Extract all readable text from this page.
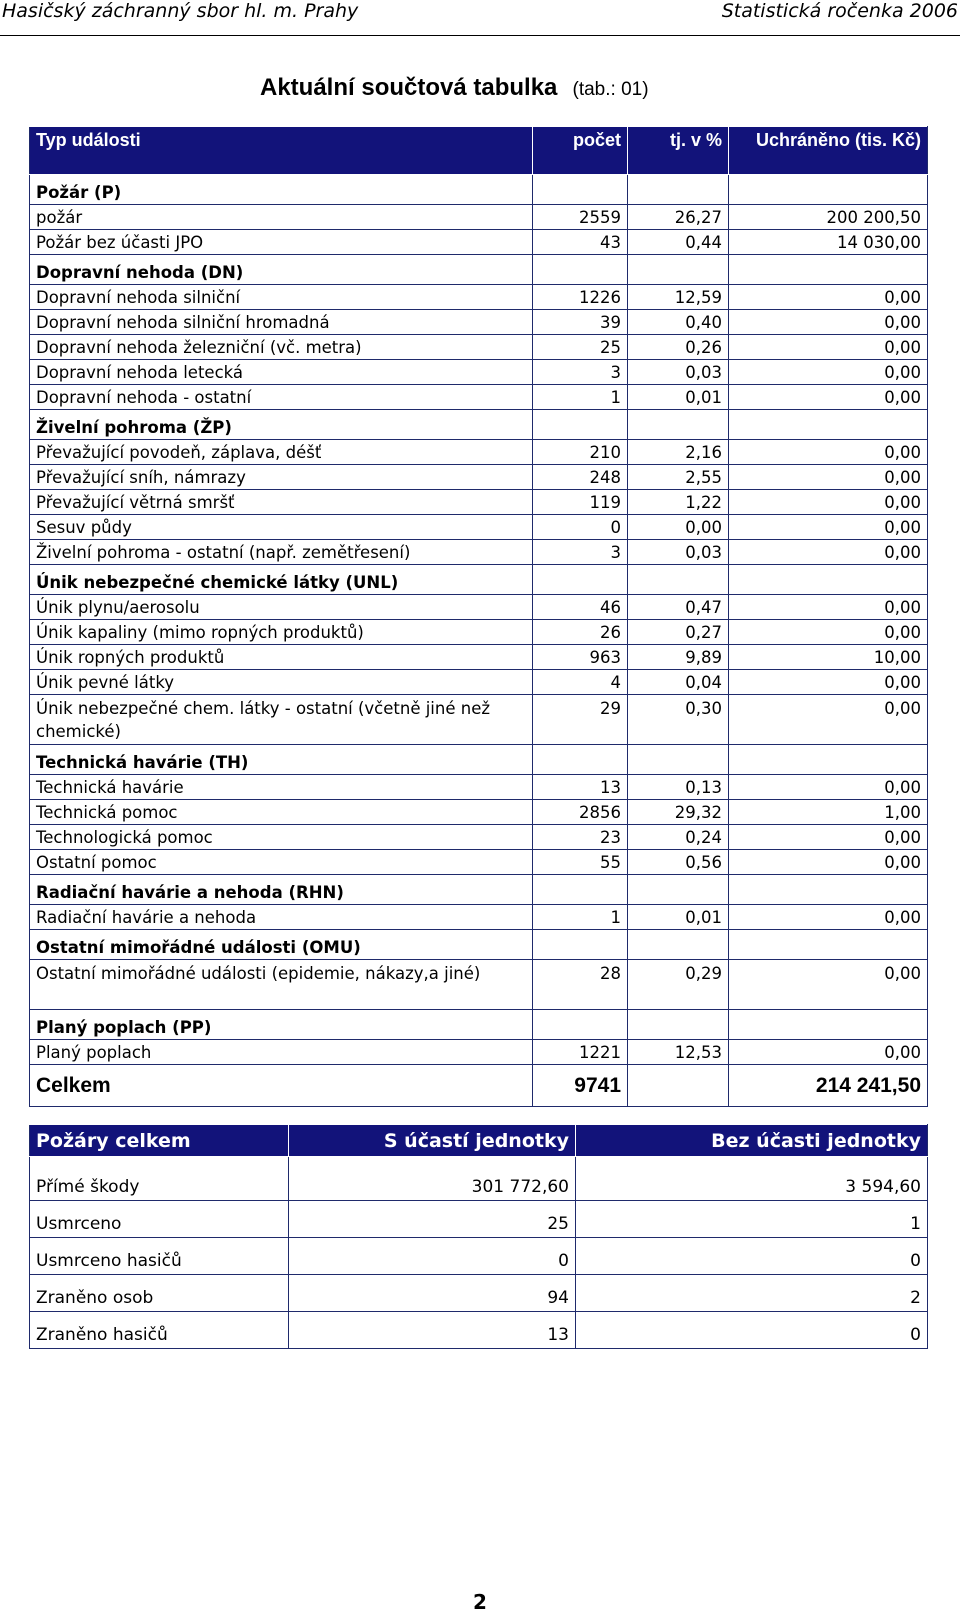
Hasičský záchranný sbor hl. m. Prahy	Statistická ročenka 2006
Aktuální součtová tabulka (tab.: 01)
Typ události	počet	tj. v %	Uchráněno (tis. Kč)
Požár (P)			
požár	2559	26,27	200 200,50
Požár bez účasti JPO	43	0,44	14 030,00
Dopravní nehoda (DN)			
Dopravní nehoda silniční	1226	12,59	0,00
Dopravní nehoda silniční hromadná	39	0,40	0,00
Dopravní nehoda železniční (vč. metra)	25	0,26	0,00
Dopravní nehoda letecká	3	0,03	0,00
Dopravní nehoda - ostatní	1	0,01	0,00
Živelní pohroma (ŽP)			
Převažující povodeň, záplava, déšť	210	2,16	0,00
Převažující sníh, námrazy	248	2,55	0,00
Převažující větrná smršť	119	1,22	0,00
Sesuv půdy	0	0,00	0,00
Živelní pohroma - ostatní (např. zemětřesení)	3	0,03	0,00
Únik nebezpečné chemické látky (UNL)			
Únik plynu/aerosolu	46	0,47	0,00
Únik kapaliny (mimo ropných produktů)	26	0,27	0,00
Únik ropných produktů	963	9,89	10,00
Únik pevné látky	4	0,04	0,00
Únik nebezpečné chem. látky - ostatní (včetně jiné než chemické)	29	0,30	0,00
Technická havárie (TH)			
Technická havárie	13	0,13	0,00
Technická pomoc	2856	29,32	1,00
Technologická pomoc	23	0,24	0,00
Ostatní pomoc	55	0,56	0,00
Radiační havárie a nehoda (RHN)			
Radiační havárie a nehoda	1	0,01	0,00
Ostatní mimořádné události (OMU)			
Ostatní mimořádné události (epidemie, nákazy,a jiné)	28	0,29	0,00
Planý poplach (PP)			
Planý poplach	1221	12,53	0,00
Celkem	9741		214 241,50
Požáry celkem	S účastí jednotky	Bez účasti jednotky
Přímé škody	301 772,60	3 594,60
Usmrceno	25	1
Usmrceno hasičů	0	0
Zraněno osob	94	2
Zraněno hasičů	13	0
2
